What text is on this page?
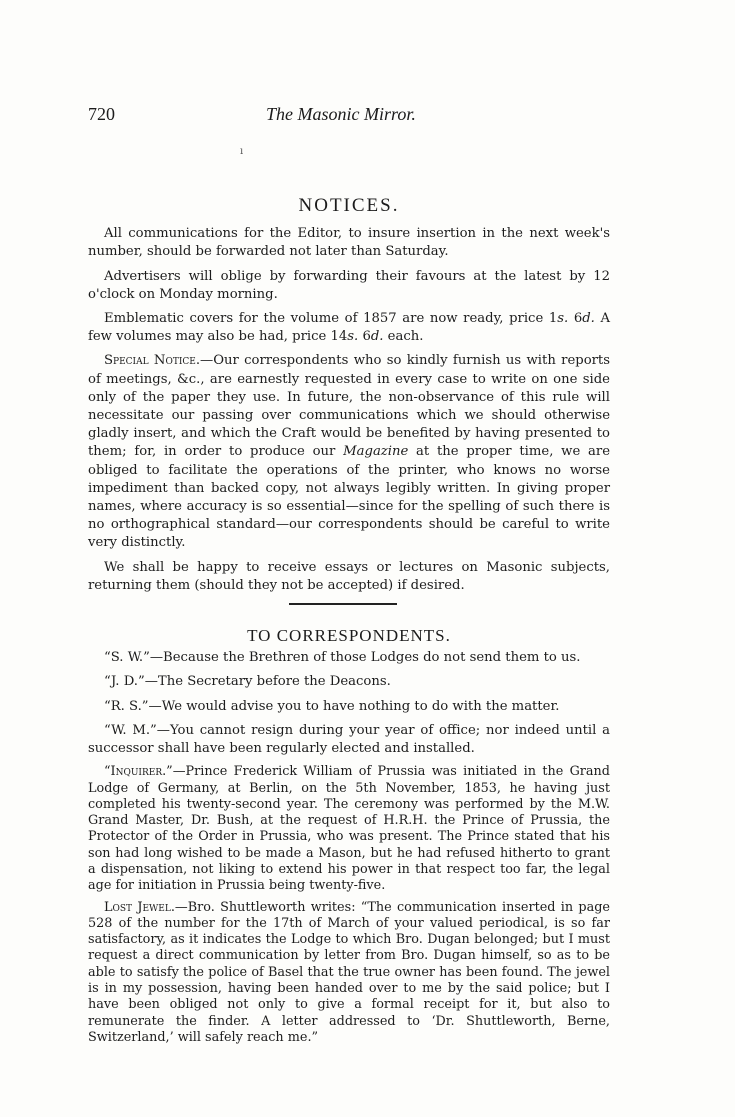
720	The Masonic Mirror.
ı
NOTICES.

All communications for the Editor, to insure insertion in the next week's number, should be forwarded not later than Saturday.

Advertisers will oblige by forwarding their favours at the latest by 12 o'clock on Monday morning.

Emblematic covers for the volume of 1857 are now ready, price 1s. 6d. A few volumes may also be had, price 14s. 6d. each.

Special Notice.—Our correspondents who so kindly furnish us with reports of meetings, &c., are earnestly requested in every case to write on one side only of the paper they use. In future, the non-observance of this rule will necessitate our passing over communications which we should otherwise gladly insert, and which the Craft would be benefited by having presented to them; for, in order to produce our Magazine at the proper time, we are obliged to facilitate the operations of the printer, who knows no worse impediment than backed copy, not always legibly written. In giving proper names, where accuracy is so essential—since for the spelling of such there is no orthographical standard—our correspondents should be careful to write very distinctly.

We shall be happy to receive essays or lectures on Masonic subjects, returning them (should they not be accepted) if desired.

TO CORRESPONDENTS.

“S. W.”—Because the Brethren of those Lodges do not send them to us.

“J. D.”—The Secretary before the Deacons.

“R. S.”—We would advise you to have nothing to do with the matter.

“W. M.”—You cannot resign during your year of office; nor indeed until a successor shall have been regularly elected and installed.

“Inquirer.”—Prince Frederick William of Prussia was initiated in the Grand Lodge of Germany, at Berlin, on the 5th November, 1853, he having just completed his twenty-second year. The ceremony was performed by the M.W. Grand Master, Dr. Bush, at the request of H.R.H. the Prince of Prussia, the Protector of the Order in Prussia, who was present. The Prince stated that his son had long wished to be made a Mason, but he had refused hitherto to grant a dispensation, not liking to extend his power in that respect too far, the legal age for initiation in Prussia being twenty-five.

Lost Jewel.—Bro. Shuttleworth writes: “The communication inserted in page 528 of the number for the 17th of March of your valued periodical, is so far satisfactory, as it indicates the Lodge to which Bro. Dugan belonged; but I must request a direct communication by letter from Bro. Dugan himself, so as to be able to satisfy the police of Basel that the true owner has been found. The jewel is in my possession, having been handed over to me by the said police; but I have been obliged not only to give a formal receipt for it, but also to remunerate the finder. A letter addressed to ‘Dr. Shuttleworth, Berne, Switzerland,’ will safely reach me.”
